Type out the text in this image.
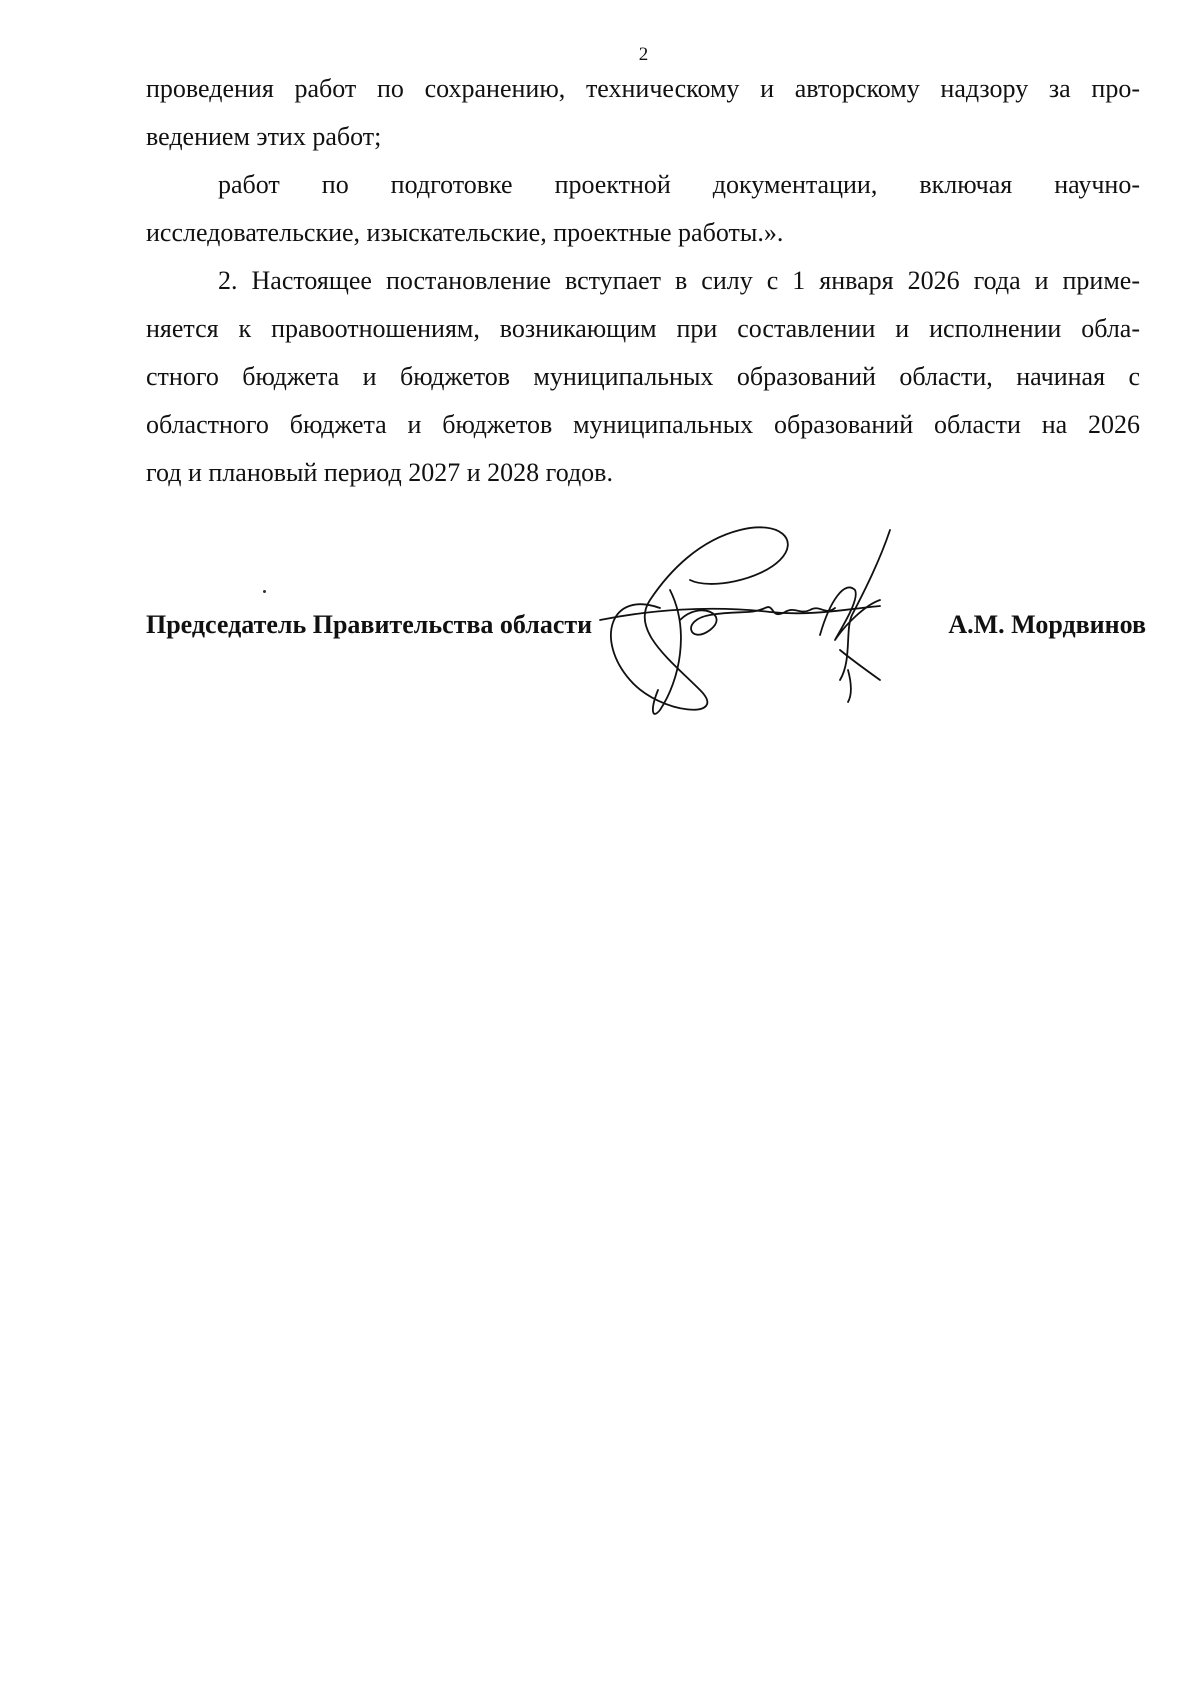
2
проведения работ по сохранению, техническому и авторскому надзору за про-
ведением этих работ;
работ по подготовке проектной документации, включая научно-
исследовательские, изыскательские, проектные работы.».
2. Настоящее постановление вступает в силу с 1 января 2026 года и приме-
няется к правоотношениям, возникающим при составлении и исполнении обла-
стного бюджета и бюджетов муниципальных образований области, начиная с
областного бюджета и бюджетов муниципальных образований области на 2026
год и плановый период 2027 и 2028 годов.
Председатель Правительства области	А.М. Мордвинов
